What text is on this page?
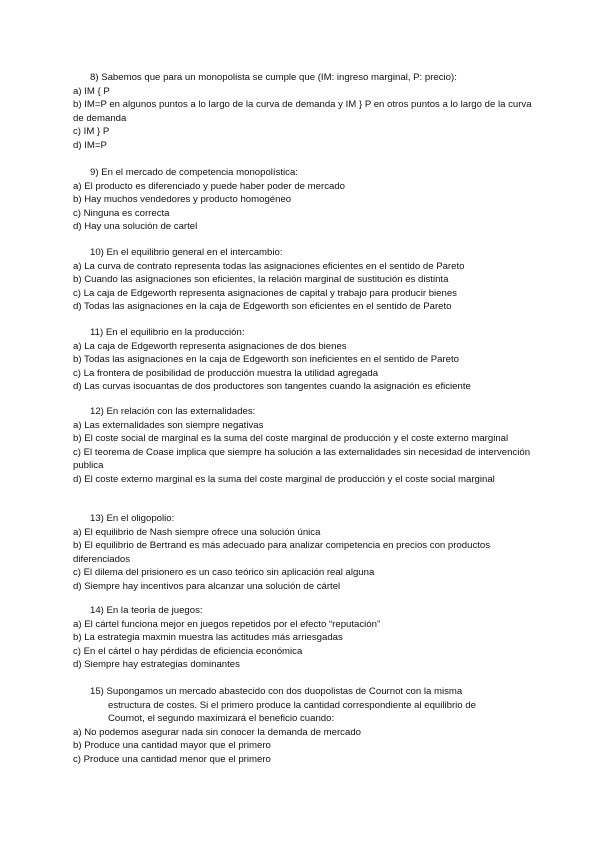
8) Sabemos que para un monopolista se cumple que (IM: ingreso marginal, P: precio):
a) IM { P
b) IM=P en algunos puntos a lo largo de la curva de demanda y IM } P en otros puntos a lo largo de la curva de demanda
c) IM } P
d) IM=P
9) En el mercado de competencia monopolística:
a) El producto es diferenciado y puede haber poder de mercado
b) Hay muchos vendedores y producto homogéneo
c) Ninguna es correcta
d) Hay una solución de cartel
10) En el equilibrio general en el intercambio:
a) La curva de contrato representa todas las asignaciones eficientes en el sentido de Pareto
b) Cuando las asignaciones son eficientes, la relación marginal de sustitución es distinta
c) La caja de Edgeworth representa asignaciones de capital y trabajo para producir bienes
d) Todas las asignaciones en la caja de Edgeworth son eficientes en el sentido de Pareto
11) En el equilibrio en la producción:
a) La caja de Edgeworth representa asignaciones de dos bienes
b) Todas las asignaciones en la caja de Edgeworth son ineficientes en el sentido de Pareto
c) La frontera de posibilidad de producción muestra la utilidad agregada
d) Las curvas isocuantas de dos productores son tangentes cuando la asignación es eficiente
12) En relación con las externalidades:
a) Las externalidades son siempre negativas
b) El coste social de marginal es la suma del coste marginal de producción y el coste externo marginal
c) El teorema de Coase implica que siempre ha solución a las externalidades sin necesidad de intervención publica
d) El coste externo marginal es la suma del coste marginal de producción y el coste social marginal
13) En el oligopolio:
a) El equilibrio de Nash siempre ofrece una solución única
b) El equilibrio de Bertrand es más adecuado para analizar competencia en precios con productos diferenciados
c) El dilema del prisionero es un caso teórico sin aplicación real alguna
d) Siempre hay incentivos para alcanzar una solución de cártel
14) En la teoría de juegos:
a) El cártel funciona mejor en juegos repetidos por el efecto “reputación”
b) La estrategia maxmin muestra las actitudes más arriesgadas
c) En el cártel o hay pérdidas de eficiencia económica
d) Siempre hay estrategias dominantes
15) Supongamos un mercado abastecido con dos duopolistas de Cournot con la misma
estructura de costes. Si el primero produce la cantidad correspondiente al equilibrio de
Cournot, el segundo maximizará el beneficio cuando:
a) No podemos asegurar nada sin conocer la demanda de mercado
b) Produce una cantidad mayor que el primero
c) Produce una cantidad menor que el primero
